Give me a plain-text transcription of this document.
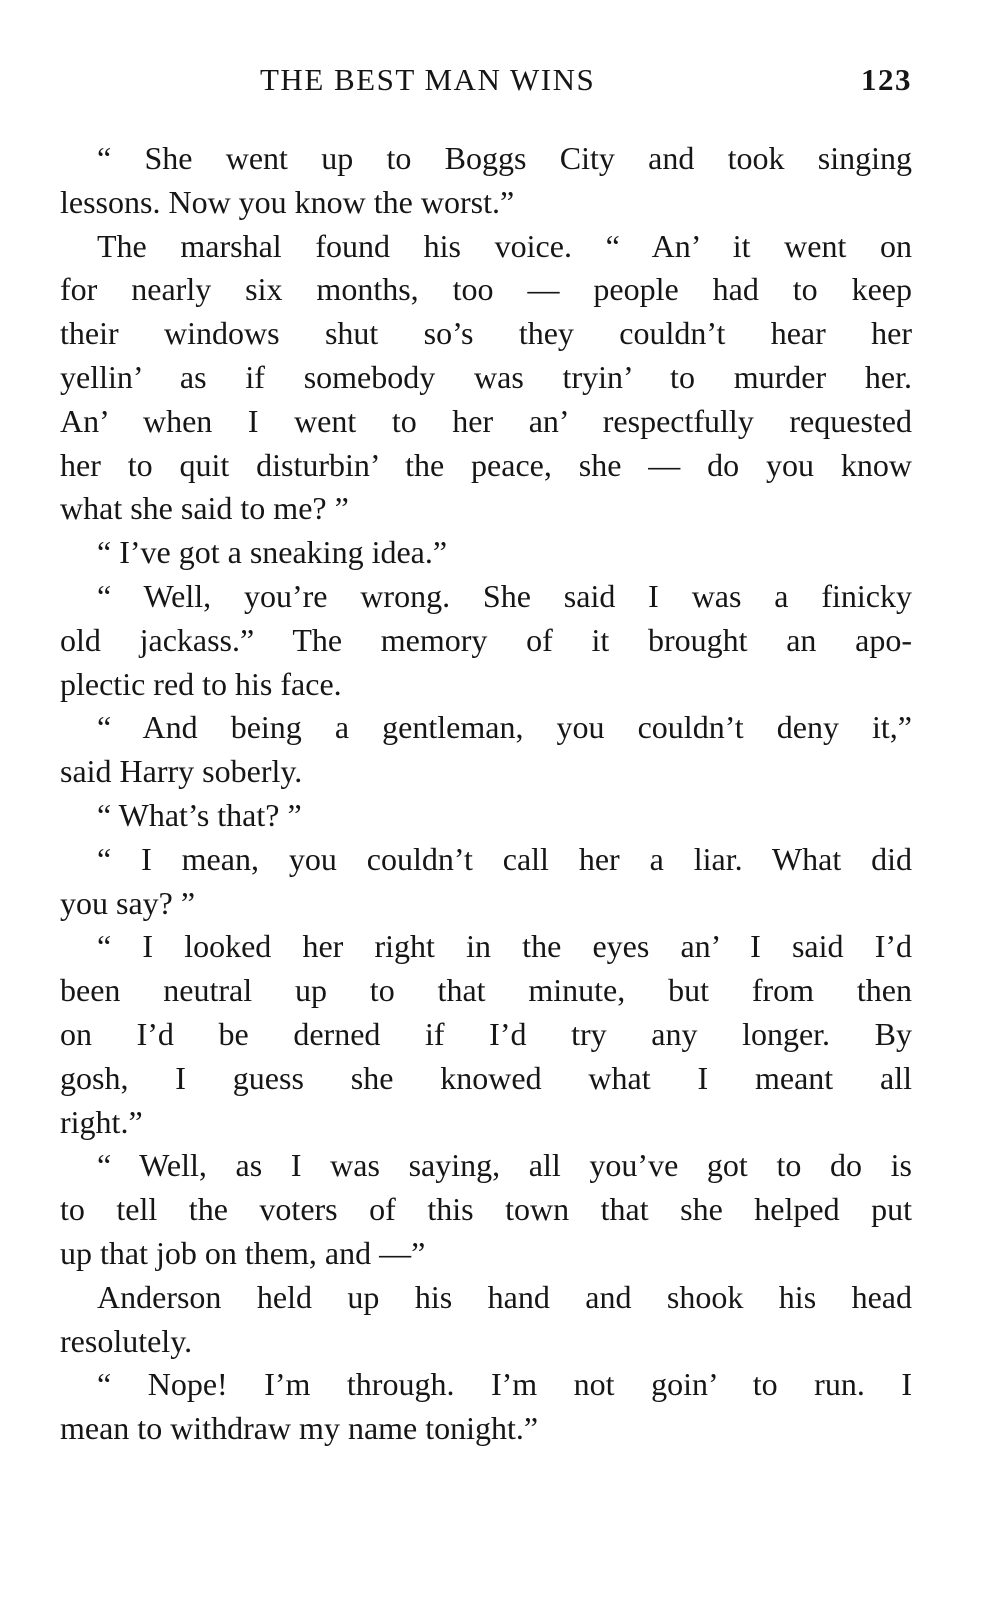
THE BEST MAN WINS	123
“ She went up to Boggs City and took singing
lessons. Now you know the worst.”
The marshal found his voice. “ An’ it went on
for nearly six months, too — people had to keep
their windows shut so’s they couldn’t hear her
yellin’ as if somebody was tryin’ to murder her.
An’ when I went to her an’ respectfully requested
her to quit disturbin’ the peace, she — do you know
what she said to me? ”
“ I’ve got a sneaking idea.”
“ Well, you’re wrong. She said I was a finicky
old jackass.” The memory of it brought an apo-
plectic red to his face.
“ And being a gentleman, you couldn’t deny it,”
said Harry soberly.
“ What’s that? ”
“ I mean, you couldn’t call her a liar. What did
you say? ”
“ I looked her right in the eyes an’ I said I’d
been neutral up to that minute, but from then
on I’d be derned if I’d try any longer. By
gosh, I guess she knowed what I meant all
right.”
“ Well, as I was saying, all you’ve got to do is
to tell the voters of this town that she helped put
up that job on them, and —”
Anderson held up his hand and shook his head
resolutely.
“ Nope! I’m through. I’m not goin’ to run. I
mean to withdraw my name tonight.”
